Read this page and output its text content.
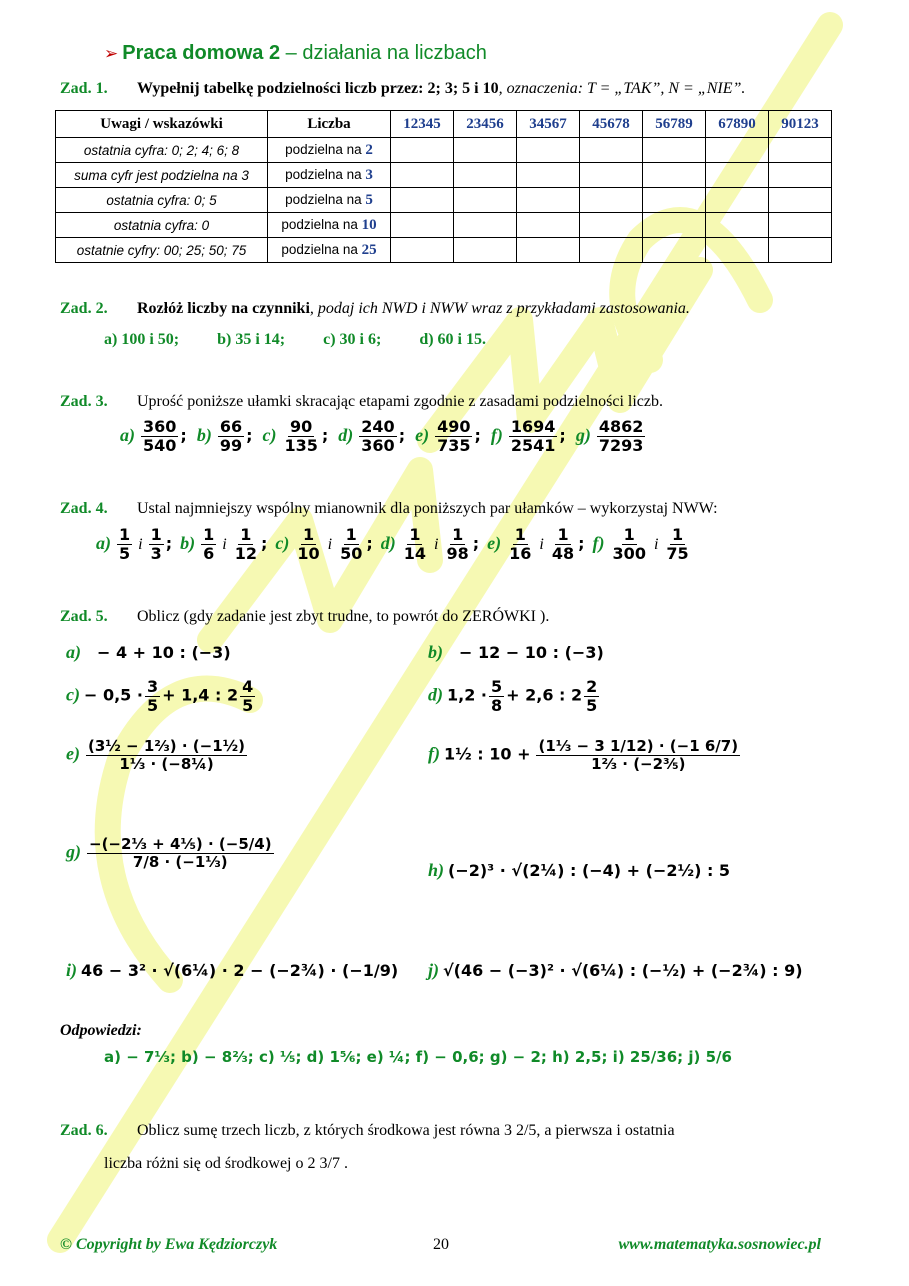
➢ Praca domowa 2 – działania na liczbach
Zad. 1. Wypełnij tabelkę podzielności liczb przez: 2; 3; 5 i 10, oznaczenia: T = „TAK”, N = „NIE”.
Uwagi / wskazówki	Liczba	12345	23456	34567	45678	56789	67890	90123
ostatnia cyfra: 0; 2; 4; 6; 8	podzielna na 2							
suma cyfr jest podzielna na 3	podzielna na 3							
ostatnia cyfra: 0; 5	podzielna na 5							
ostatnia cyfra: 0	podzielna na 10							
ostatnie cyfry: 00; 25; 50; 75	podzielna na 25							
Zad. 2. Rozłóż liczby na czynniki, podaj ich NWD i NWW wraz z przykładami zastosowania.
a) 100 i 50; b) 35 i 14; c) 30 i 6; d) 60 i 15.
Zad. 3. Uprość poniższe ułamki skracając etapami zgodnie z zasadami podzielności liczb.
$a) \frac{360}{540}$ ; $b) \frac{66}{99}$ ; $c) \frac{90}{135}$ ; $d) \frac{240}{360}$ ; $e) \frac{490}{735}$ ; $f) \frac{1694}{2541}$ ; $g) \frac{4862}{7293}$
Zad. 4. Ustal najmniejszy wspólny mianownik dla poniższych par ułamków – wykorzystaj NWW:
$a) \frac{1}{5}$ i $\frac{1}{3}$ ; $b) \frac{1}{6}$ i $\frac{1}{12}$ ; $c) \frac{1}{10}$ i $\frac{1}{50}$ ; $d) \frac{1}{14}$ i $\frac{1}{98}$ ; $e) \frac{1}{16}$ i $\frac{1}{48}$ ; $f) \frac{1}{300}$ i $\frac{1}{75}$
Zad. 5. Oblicz (gdy zadanie jest zbyt trudne, to powrót do ZERÓWKI ).
a) − 4 + 10 : (−3)	b) − 12 − 10 : (−3)
$c) - 0,5 \cdot \frac{3}{5} + 1,4$ : $2 \frac{4}{5}$	d) $1,2 \cdot \frac{5}{8} + 2,6$ : $2 \frac{2}{5}$
$e) \frac{\text{(3½ − 1⅔) · (−1½)}}{\text{1⅓ · (−8¼)}}$	f) 1½ : $10 + \frac{\text{(1⅓ − 3 1/12) · (−1 6/7)}}{\text{1⅔ · (−2⅗)}}$
$g) \frac{\text{−(−2⅓ + 4⅕) · (−5/4)}}{\text{7/8 · (−1⅓)}}$	h) (−2)³ · √(2¼) : (−4) + (−2½) : 5
i) 46 − 3² · √(6¼) · 2 − (−2¾) · (−1/9) j) √(46 − (−3)² · √(6¼) : (−½) + (−2¾) : 9)
Odpowiedzi:
a) − 7⅓; b) − 8⅔; c) ⅕; d) 1⅚; e) ¼; f) − 0,6; g) − 2; h) 2,5; i) 25/36; j) 5/6
Zad. 6. Oblicz sumę trzech liczb, z których środkowa jest równa 3 2/5, a pierwsza i ostatnia
liczba różni się od środkowej o 2 3/7 .
© Copyright by Ewa Kędziorczyk	20	www.matematyka.sosnowiec.pl
